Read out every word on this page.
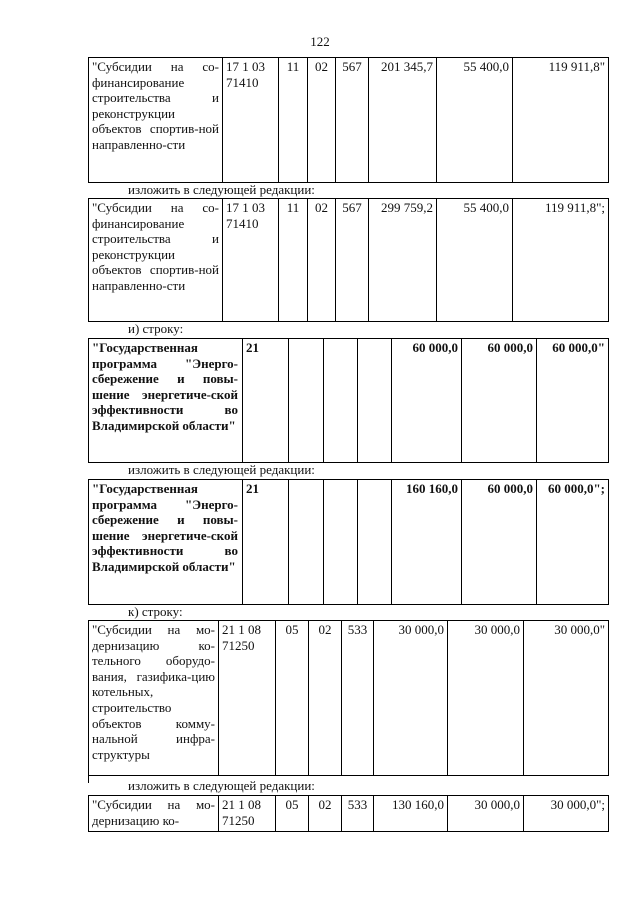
122
"Субсидии на со-финансирование строительства и реконструкции объектов спортив-ной направленно-сти	17 1 03 71410	11	02	567	201 345,7	55 400,0	119 911,8"
изложить в следующей редакции:
"Субсидии на со-финансирование строительства и реконструкции объектов спортив-ной направленно-сти	17 1 03 71410	11	02	567	299 759,2	55 400,0	119 911,8";
и) строку:
"Государственная программа "Энерго-сбережение и повы-шение энергетиче-ской эффективности во Владимирской области"	21				60 000,0	60 000,0	60 000,0"
изложить в следующей редакции:
"Государственная программа "Энерго-сбережение и повы-шение энергетиче-ской эффективности во Владимирской области"	21				160 160,0	60 000,0	60 000,0";
к) строку:
"Субсидии на мо-дернизацию ко-тельного оборудо-вания, газифика-цию котельных, строительство объектов комму-нальной инфра-структуры	21 1 08 71250	05	02	533	30 000,0	30 000,0	30 000,0"
изложить в следующей редакции:
"Субсидии на мо-дернизацию ко-	21 1 08 71250	05	02	533	130 160,0	30 000,0	30 000,0";
